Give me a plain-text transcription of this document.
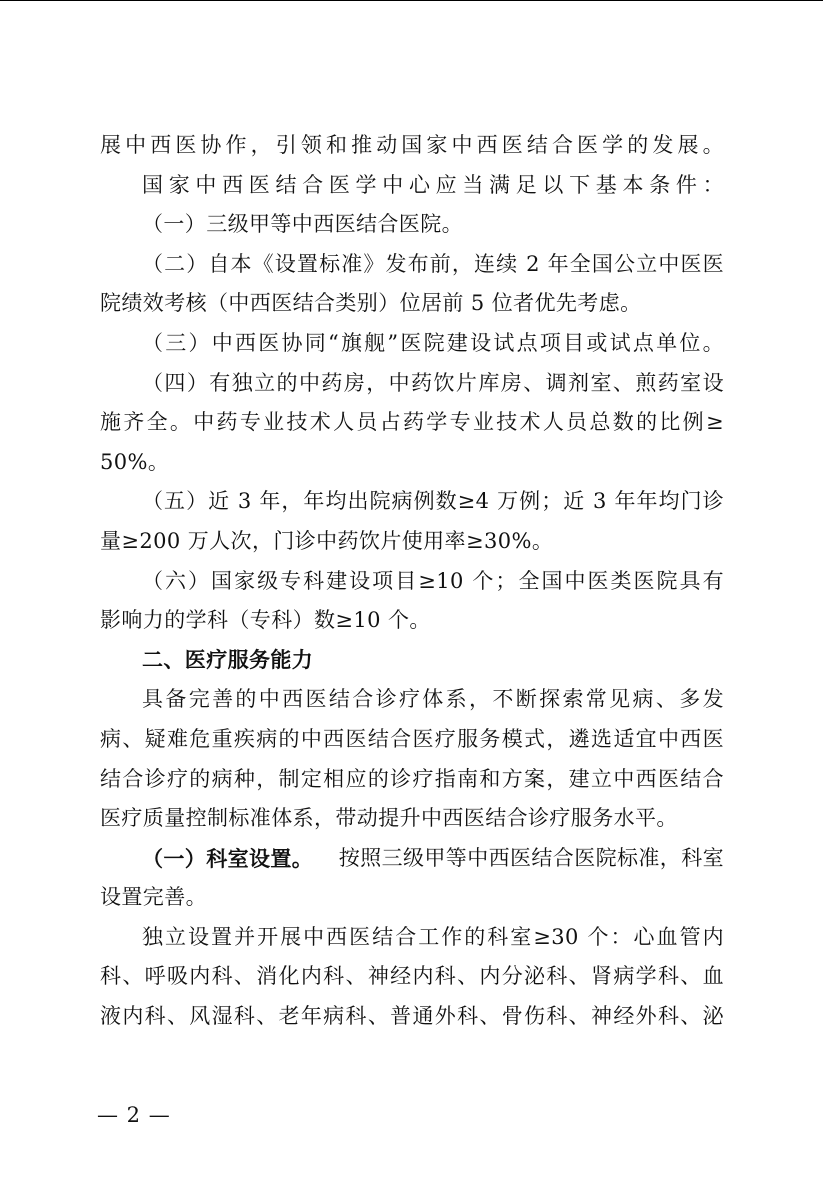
展中西医协作，引领和推动国家中西医结合医学的发展。
国家中西医结合医学中心应当满足以下基本条件：
（一）三级甲等中西医结合医院。
（二）自本《设置标准》发布前，连续 2 年全国公立中医医
院绩效考核（中西医结合类别）位居前 5 位者优先考虑。
（三）中西医协同“旗舰”医院建设试点项目或试点单位。
（四）有独立的中药房，中药饮片库房、调剂室、煎药室设
施齐全。中药专业技术人员占药学专业技术人员总数的比例≥
50%。
（五）近 3 年，年均出院病例数≥4 万例；近 3 年年均门诊
量≥200 万人次，门诊中药饮片使用率≥30%。
（六）国家级专科建设项目≥10 个；全国中医类医院具有
影响力的学科（专科）数≥10 个。
二、医疗服务能力
具备完善的中西医结合诊疗体系，不断探索常见病、多发
病、疑难危重疾病的中西医结合医疗服务模式，遴选适宜中西医
结合诊疗的病种，制定相应的诊疗指南和方案，建立中西医结合
医疗质量控制标准体系，带动提升中西医结合诊疗服务水平。
（一）科室设置。 按照三级甲等中西医结合医院标准，科室
设置完善。
独立设置并开展中西医结合工作的科室≥30 个：心血管内
科、呼吸内科、消化内科、神经内科、内分泌科、肾病学科、血
液内科、风湿科、老年病科、普通外科、骨伤科、神经外科、泌
— 2 —
